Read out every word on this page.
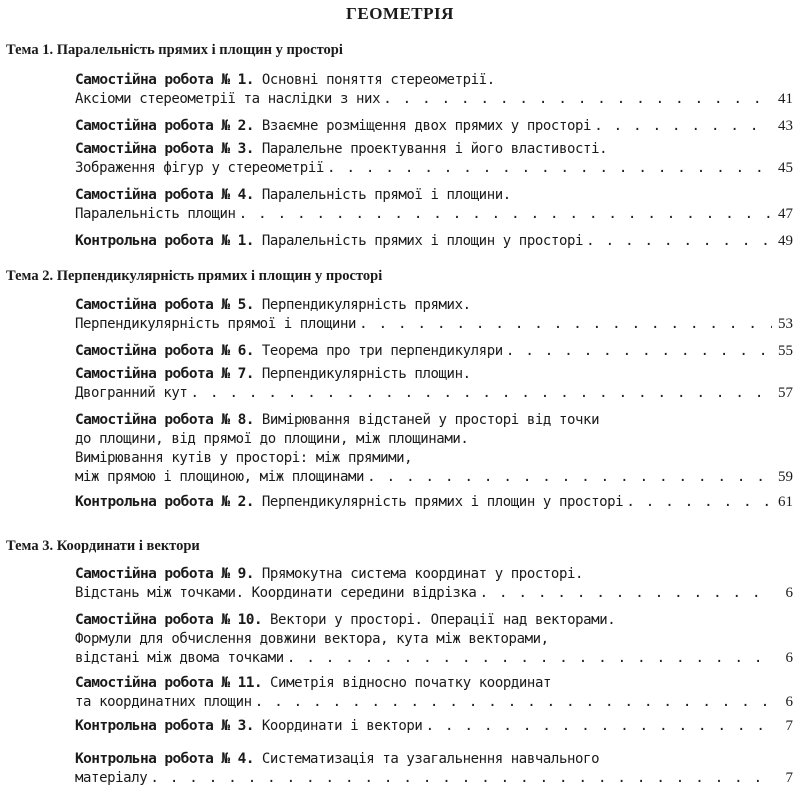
ГЕОМЕТРІЯ
Тема 1. Паралельність прямих і площин у просторі
Тема 2. Перпендикулярність прямих і площин у просторі
Тема 3. Координати і вектори
Самостійна робота № 1. Основні поняття стереометрії.
Аксіоми стереометрії та наслідки з них . . .	41
Самостійна робота № 2. Взаємне розміщення двох прямих у просторі . . .	43
Самостійна робота № 3. Паралельне проектування і його властивості.
Зображення фігур у стереометрії . . .	45
Самостійна робота № 4. Паралельність прямої і площини.
Паралельність площин . . .	47
Контрольна робота № 1. Паралельність прямих і площин у просторі . . .	49
Самостійна робота № 5. Перпендикулярність прямих.
Перпендикулярність прямої і площини . . .	53
Самостійна робота № 6. Теорема про три перпендикуляри . . .	55
Самостійна робота № 7. Перпендикулярність площин.
Двогранний кут . . .	57
Самостійна робота № 8. Вимірювання відстаней у просторі від точки
до площини, від прямої до площини, між площинами.
Вимірювання кутів у просторі: між прямими,
між прямою і площиною, між площинами . . .	59
Контрольна робота № 2. Перпендикулярність прямих і площин у просторі . . .	61
Самостійна робота № 9. Прямокутна система координат у просторі.
Відстань між точками. Координати середини відрізка . . .	6
Самостійна робота № 10. Вектори у просторі. Операції над векторами.
Формули для обчислення довжини вектора, кута між векторами,
відстані між двома точками . . .	6
Самостійна робота № 11. Симетрія відносно початку координат
та координатних площин . . .	6
Контрольна робота № 3. Координати і вектори . . .	7
Контрольна робота № 4. Систематизація та узагальнення навчального
матеріалу . . .	7
